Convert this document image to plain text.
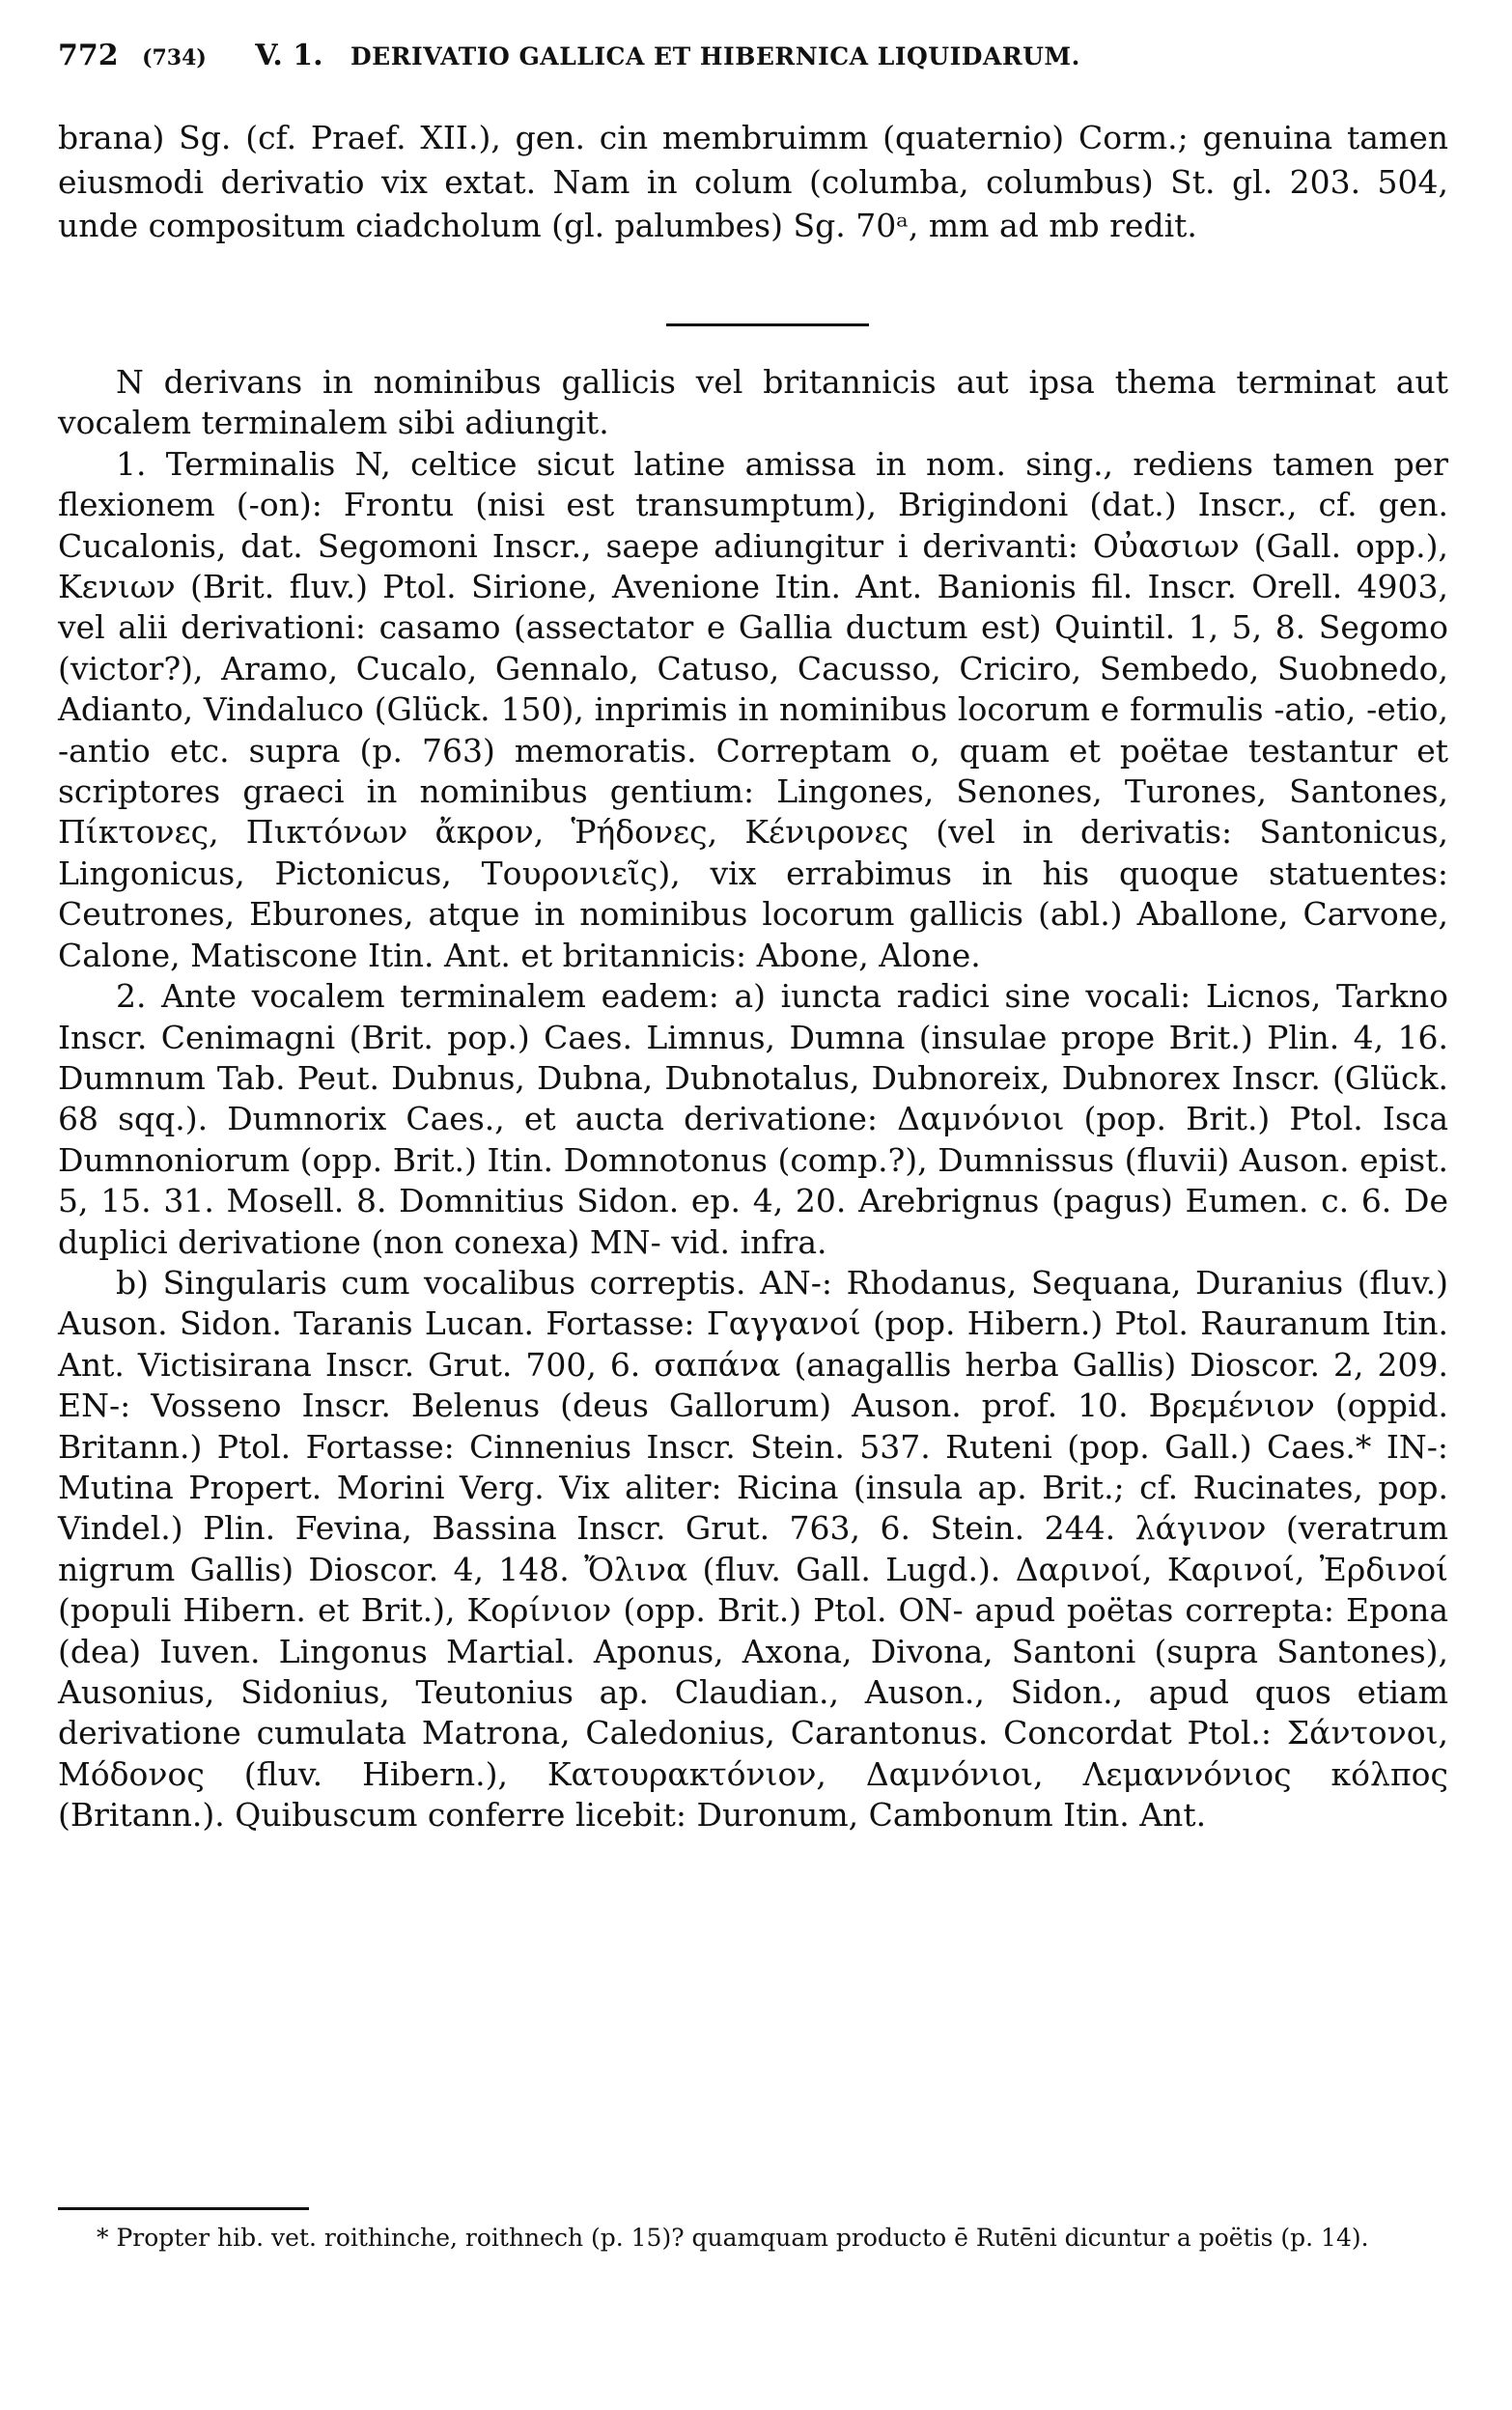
772 (734) V. 1. DERIVATIO GALLICA ET HIBERNICA LIQUIDARUM.

brana) Sg. (cf. Praef. XII.), gen. cin membruimm (quaternio) Corm.; genuina tamen eiusmodi derivatio vix extat. Nam in colum (columba, columbus) St. gl. 203. 504, unde compositum ciadcholum (gl. palumbes) Sg. 70ᵃ, mm ad mb redit.

N derivans in nominibus gallicis vel britannicis aut ipsa thema terminat aut vocalem terminalem sibi adiungit.

1. Terminalis N, celtice sicut latine amissa in nom. sing., rediens tamen per flexionem (-on): Frontu (nisi est transumptum), Brigindoni (dat.) Inscr., cf. gen. Cucalonis, dat. Segomoni Inscr., saepe adiungitur i derivanti: Οὐασιων (Gall. opp.), Κενιων (Brit. fluv.) Ptol. Sirione, Avenione Itin. Ant. Banionis fil. Inscr. Orell. 4903, vel alii derivationi: casamo (assectator e Gallia ductum est) Quintil. 1, 5, 8. Segomo (victor?), Aramo, Cucalo, Gennalo, Catuso, Cacusso, Criciro, Sembedo, Suobnedo, Adianto, Vindaluco (Glück. 150), inprimis in nominibus locorum e formulis -atio, -etio, -antio etc. supra (p. 763) memoratis. Correptam o, quam et poëtae testantur et scriptores graeci in nominibus gentium: Lingones, Senones, Turones, Santones, Πίκτονες, Πικτόνων ἄκρον, Ῥήδονες, Κένιρονες (vel in derivatis: Santonicus, Lingonicus, Pictonicus, Τουρονιεῖς), vix errabimus in his quoque statuentes: Ceutrones, Eburones, atque in nominibus locorum gallicis (abl.) Aballone, Carvone, Calone, Matiscone Itin. Ant. et britannicis: Abone, Alone.

2. Ante vocalem terminalem eadem: a) iuncta radici sine vocali: Licnos, Tarkno Inscr. Cenimagni (Brit. pop.) Caes. Limnus, Dumna (insulae prope Brit.) Plin. 4, 16. Dumnum Tab. Peut. Dubnus, Dubna, Dubnotalus, Dubnoreix, Dubnorex Inscr. (Glück. 68 sqq.). Dumnorix Caes., et aucta derivatione: Δαμνόνιοι (pop. Brit.) Ptol. Isca Dumnoniorum (opp. Brit.) Itin. Domnotonus (comp.?), Dumnissus (fluvii) Auson. epist. 5, 15. 31. Mosell. 8. Domnitius Sidon. ep. 4, 20. Arebrignus (pagus) Eumen. c. 6. De duplici derivatione (non conexa) MN- vid. infra.

b) Singularis cum vocalibus correptis. AN-: Rhodanus, Sequana, Duranius (fluv.) Auson. Sidon. Taranis Lucan. Fortasse: Γαγγανοί (pop. Hibern.) Ptol. Rauranum Itin. Ant. Victisirana Inscr. Grut. 700, 6. σαπάνα (anagallis herba Gallis) Dioscor. 2, 209. EN-: Vosseno Inscr. Belenus (deus Gallorum) Auson. prof. 10. Βρεμένιον (oppid. Britann.) Ptol. Fortasse: Cinnenius Inscr. Stein. 537. Ruteni (pop. Gall.) Caes.* IN-: Mutina Propert. Morini Verg. Vix aliter: Ricina (insula ap. Brit.; cf. Rucinates, pop. Vindel.) Plin. Fevina, Bassina Inscr. Grut. 763, 6. Stein. 244. λάγινον (veratrum nigrum Gallis) Dioscor. 4, 148. Ὄλινα (fluv. Gall. Lugd.). Δαρινοί, Καρινοί, Ἐρδινοί (populi Hibern. et Brit.), Κορίνιον (opp. Brit.) Ptol. ON- apud poëtas correpta: Epona (dea) Iuven. Lingonus Martial. Aponus, Axona, Divona, Santoni (supra Santones), Ausonius, Sidonius, Teutonius ap. Claudian., Auson., Sidon., apud quos etiam derivatione cumulata Matrona, Caledonius, Carantonus. Concordat Ptol.: Σάντονοι, Μόδονος (fluv. Hibern.), Κατουρακτόνιον, Δαμνόνιοι, Λεμαννόνιος κόλπος (Britann.). Quibuscum conferre licebit: Duronum, Cambonum Itin. Ant.

* Propter hib. vet. roithinche, roithnech (p. 15)? quamquam producto ē Rutēni dicuntur a poëtis (p. 14).
